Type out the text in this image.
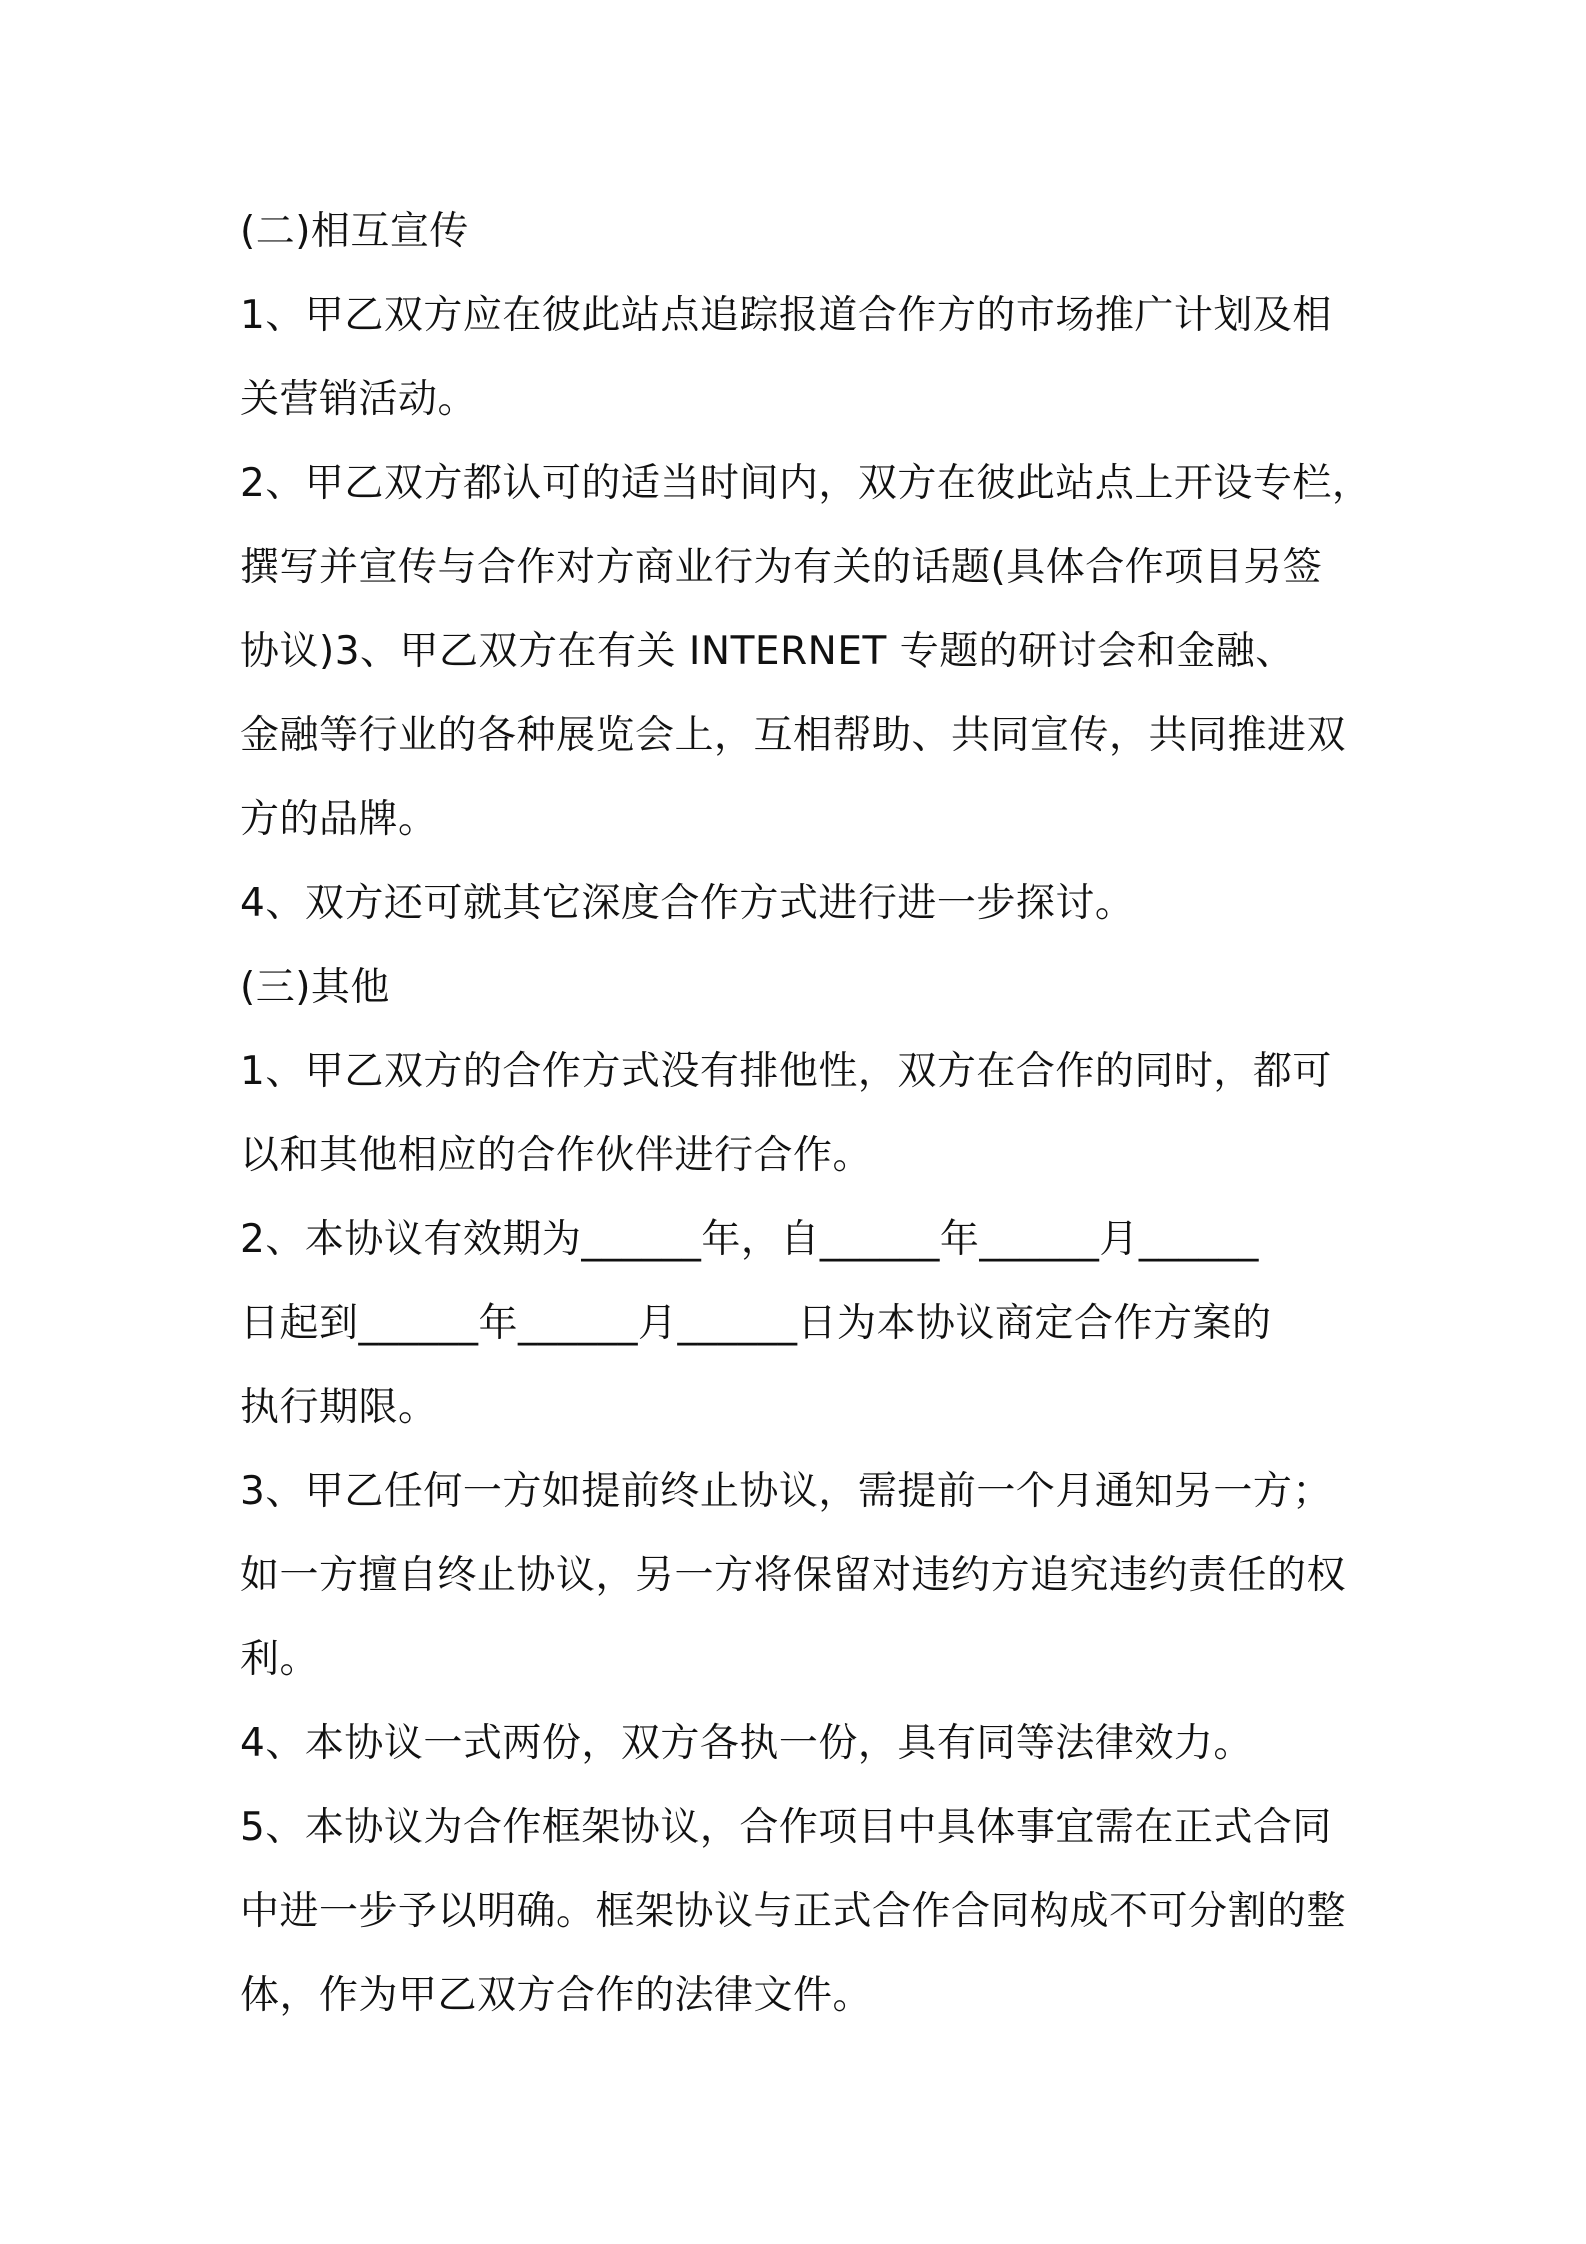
(二)相互宣传
1、甲乙双方应在彼此站点追踪报道合作方的市场推广计划及相
关营销活动。
2、甲乙双方都认可的适当时间内，双方在彼此站点上开设专栏，
撰写并宣传与合作对方商业行为有关的话题(具体合作项目另签
协议)3、甲乙双方在有关 INTERNET 专题的研讨会和金融、
金融等行业的各种展览会上，互相帮助、共同宣传，共同推进双
方的品牌。
4、双方还可就其它深度合作方式进行进一步探讨。
(三)其他
1、甲乙双方的合作方式没有排他性，双方在合作的同时，都可
以和其他相应的合作伙伴进行合作。
2、本协议有效期为______年，自______年______月______
日起到______年______月______日为本协议商定合作方案的
执行期限。
3、甲乙任何一方如提前终止协议，需提前一个月通知另一方；
如一方擅自终止协议，另一方将保留对违约方追究违约责任的权
利。
4、本协议一式两份，双方各执一份，具有同等法律效力。
5、本协议为合作框架协议，合作项目中具体事宜需在正式合同
中进一步予以明确。框架协议与正式合作合同构成不可分割的整
体，作为甲乙双方合作的法律文件。
